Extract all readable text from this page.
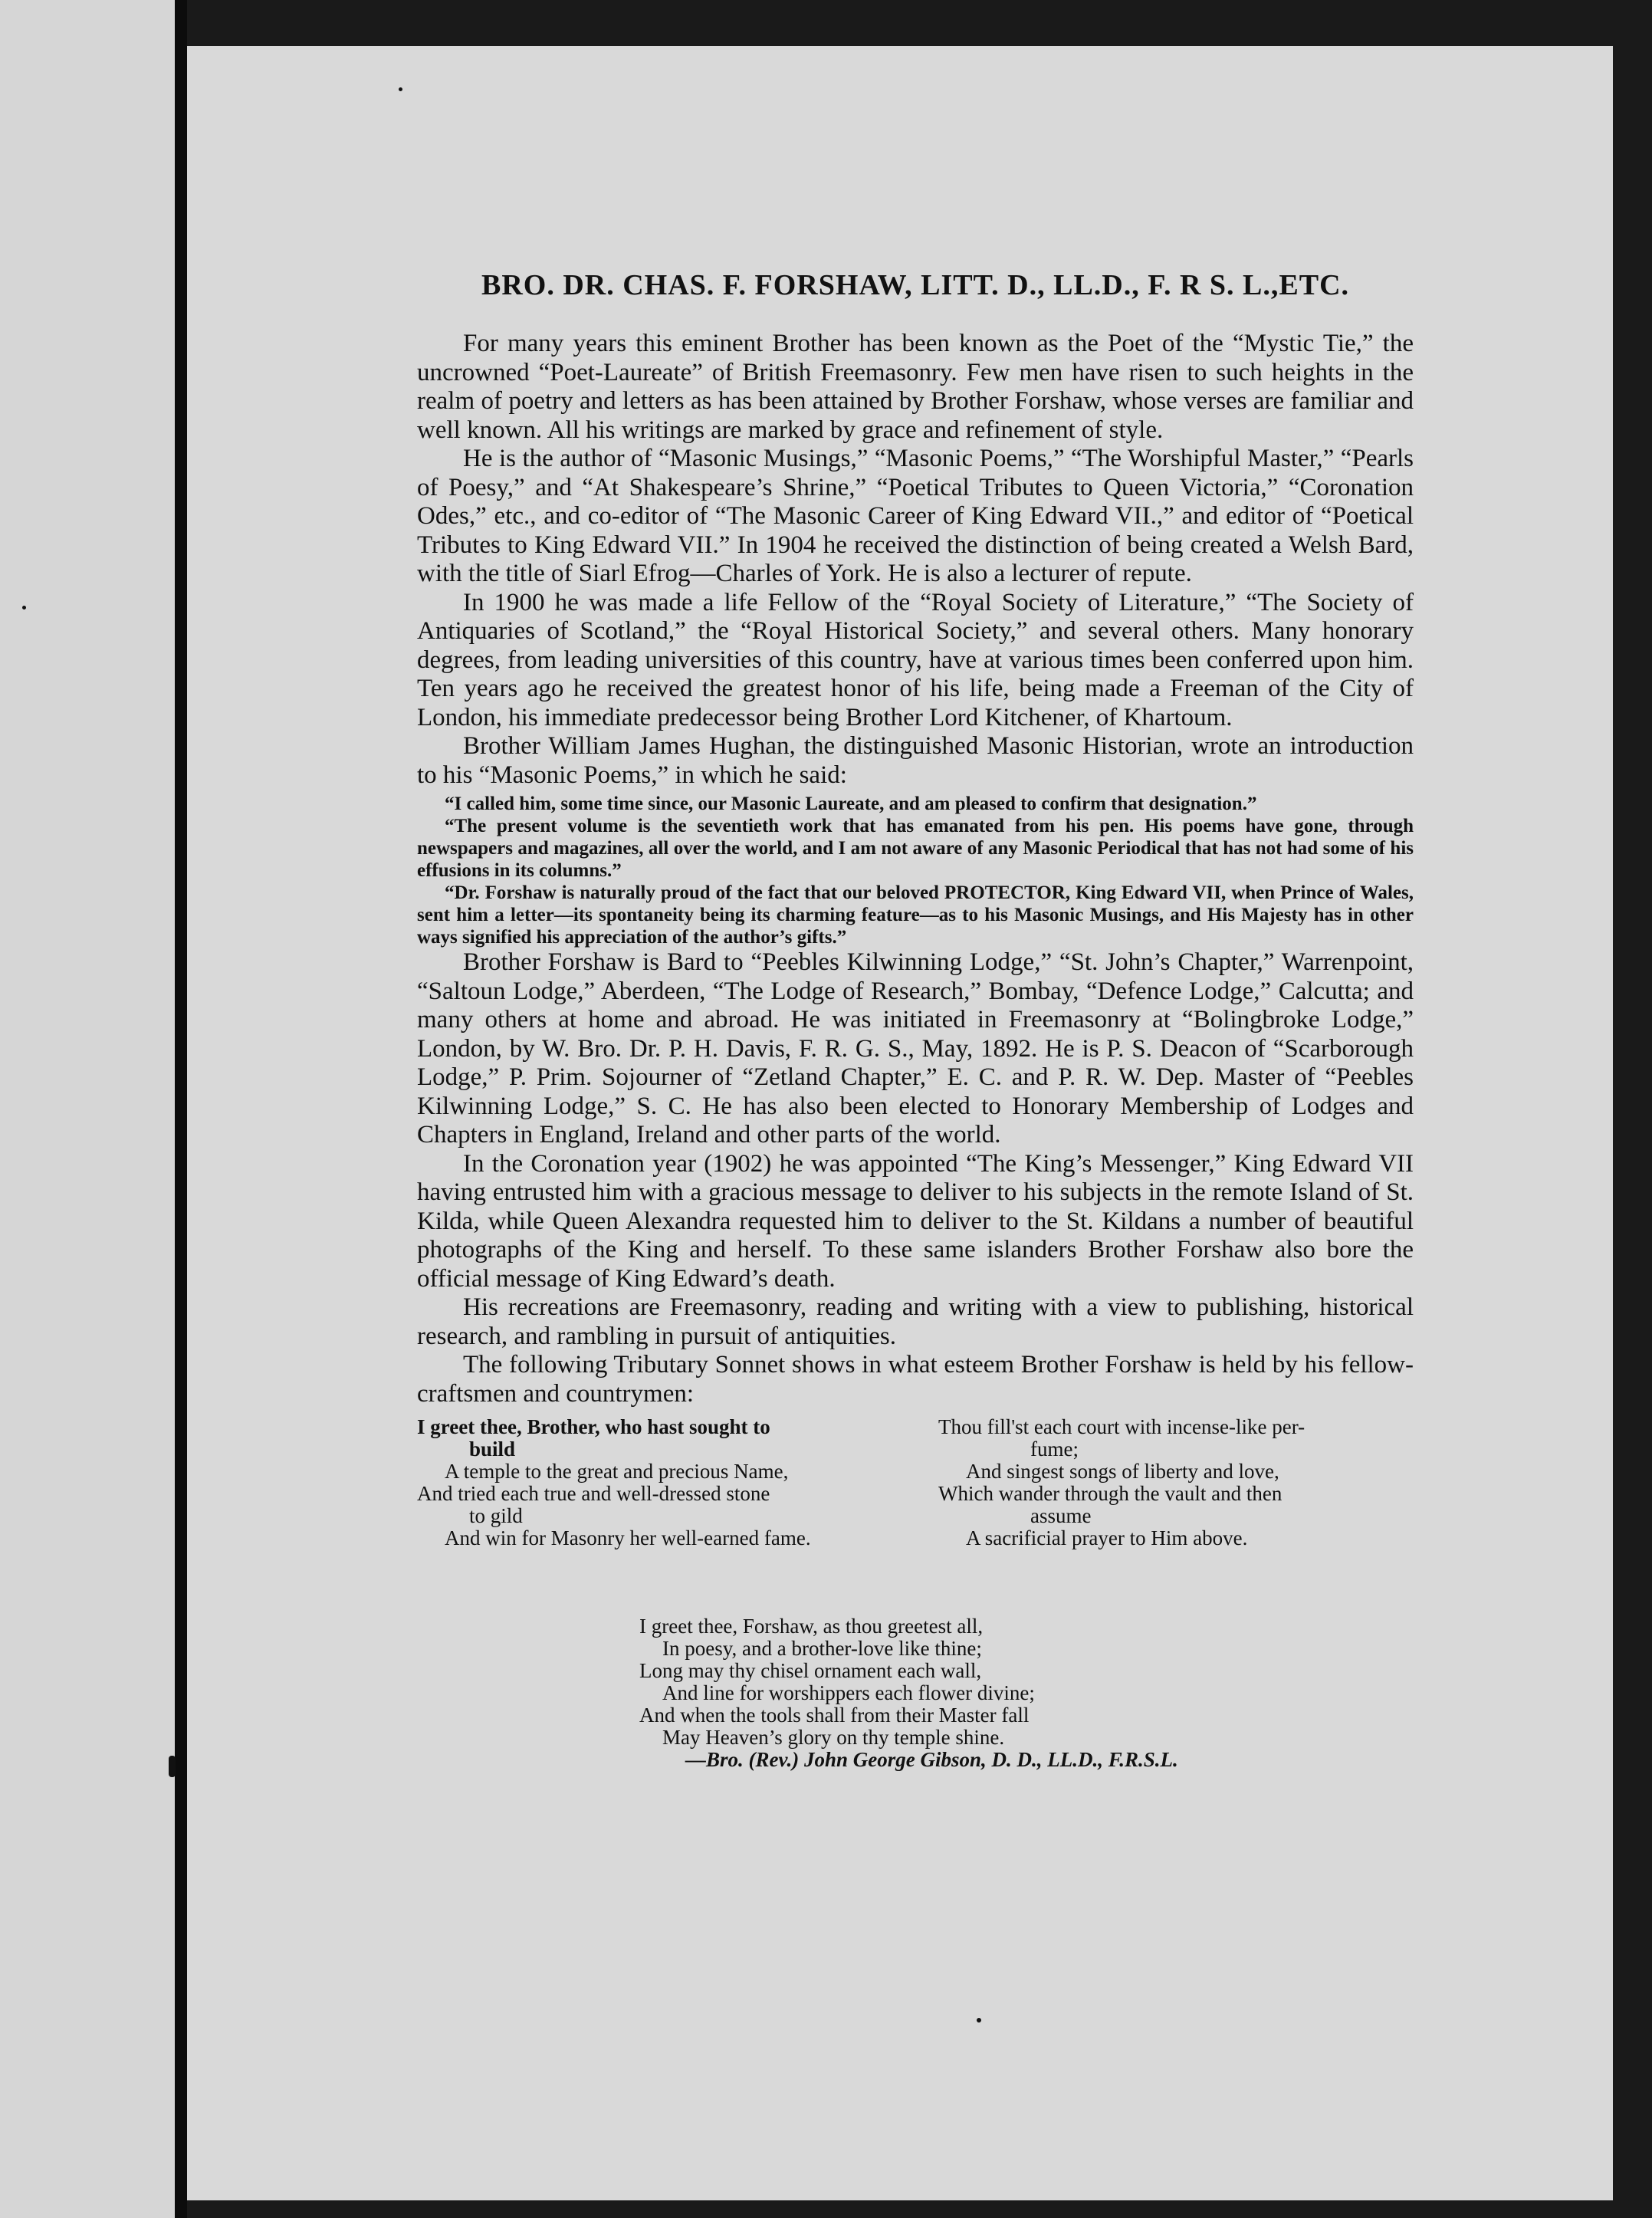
BRO. DR. CHAS. F. FORSHAW, LITT. D., LL.D., F. R S. L.,ETC.

For many years this eminent Brother has been known as the Poet of the “Mystic Tie,” the uncrowned “Poet-Laureate” of British Freemasonry. Few men have risen to such heights in the realm of poetry and letters as has been attained by Brother Forshaw, whose verses are familiar and well known. All his writings are marked by grace and refinement of style.

He is the author of “Masonic Musings,” “Masonic Poems,” “The Worshipful Master,” “Pearls of Poesy,” and “At Shakespeare’s Shrine,” “Poetical Tributes to Queen Victoria,” “Coronation Odes,” etc., and co-editor of “The Masonic Career of King Edward VII.,” and editor of “Poetical Tributes to King Edward VII.” In 1904 he received the distinction of being created a Welsh Bard, with the title of Siarl Efrog—Charles of York. He is also a lecturer of repute.

In 1900 he was made a life Fellow of the “Royal Society of Literature,” “The Society of Antiquaries of Scotland,” the “Royal Historical Society,” and several others. Many honorary degrees, from leading universities of this country, have at various times been conferred upon him. Ten years ago he received the greatest honor of his life, being made a Freeman of the City of London, his immediate predecessor being Brother Lord Kitchener, of Khartoum.

Brother William James Hughan, the distinguished Masonic Historian, wrote an introduction to his “Masonic Poems,” in which he said:

“I called him, some time since, our Masonic Laureate, and am pleased to confirm that designation.”

“The present volume is the seventieth work that has emanated from his pen. His poems have gone, through newspapers and magazines, all over the world, and I am not aware of any Masonic Periodical that has not had some of his effusions in its columns.”

“Dr. Forshaw is naturally proud of the fact that our beloved PROTECTOR, King Edward VII, when Prince of Wales, sent him a letter—its spontaneity being its charming feature—as to his Masonic Musings, and His Majesty has in other ways signified his appreciation of the author’s gifts.”

Brother Forshaw is Bard to “Peebles Kilwinning Lodge,” “St. John’s Chapter,” Warrenpoint, “Saltoun Lodge,” Aberdeen, “The Lodge of Research,” Bombay, “Defence Lodge,” Calcutta; and many others at home and abroad. He was initiated in Freemasonry at “Bolingbroke Lodge,” London, by W. Bro. Dr. P. H. Davis, F. R. G. S., May, 1892. He is P. S. Deacon of “Scarborough Lodge,” P. Prim. Sojourner of “Zetland Chapter,” E. C. and P. R. W. Dep. Master of “Peebles Kilwinning Lodge,” S. C. He has also been elected to Honorary Membership of Lodges and Chapters in England, Ireland and other parts of the world.

In the Coronation year (1902) he was appointed “The King’s Messenger,” King Edward VII having entrusted him with a gracious message to deliver to his subjects in the remote Island of St. Kilda, while Queen Alexandra requested him to deliver to the St. Kildans a number of beautiful photographs of the King and herself. To these same islanders Brother Forshaw also bore the official message of King Edward’s death.

His recreations are Freemasonry, reading and writing with a view to publishing, historical research, and rambling in pursuit of antiquities.

The following Tributary Sonnet shows in what esteem Brother Forshaw is held by his fellow-craftsmen and countrymen:

I greet thee, Brother, who hast sought to
build
A temple to the great and precious Name,
And tried each true and well-dressed stone
to gild
And win for Masonry her well-earned fame.
Thou fill'st each court with incense-like per-
fume;
And singest songs of liberty and love,
Which wander through the vault and then
assume
A sacrificial prayer to Him above.
I greet thee, Forshaw, as thou greetest all,
In poesy, and a brother-love like thine;
Long may thy chisel ornament each wall,
And line for worshippers each flower divine;
And when the tools shall from their Master fall
May Heaven’s glory on thy temple shine.
—Bro. (Rev.) John George Gibson, D. D., LL.D., F.R.S.L.
